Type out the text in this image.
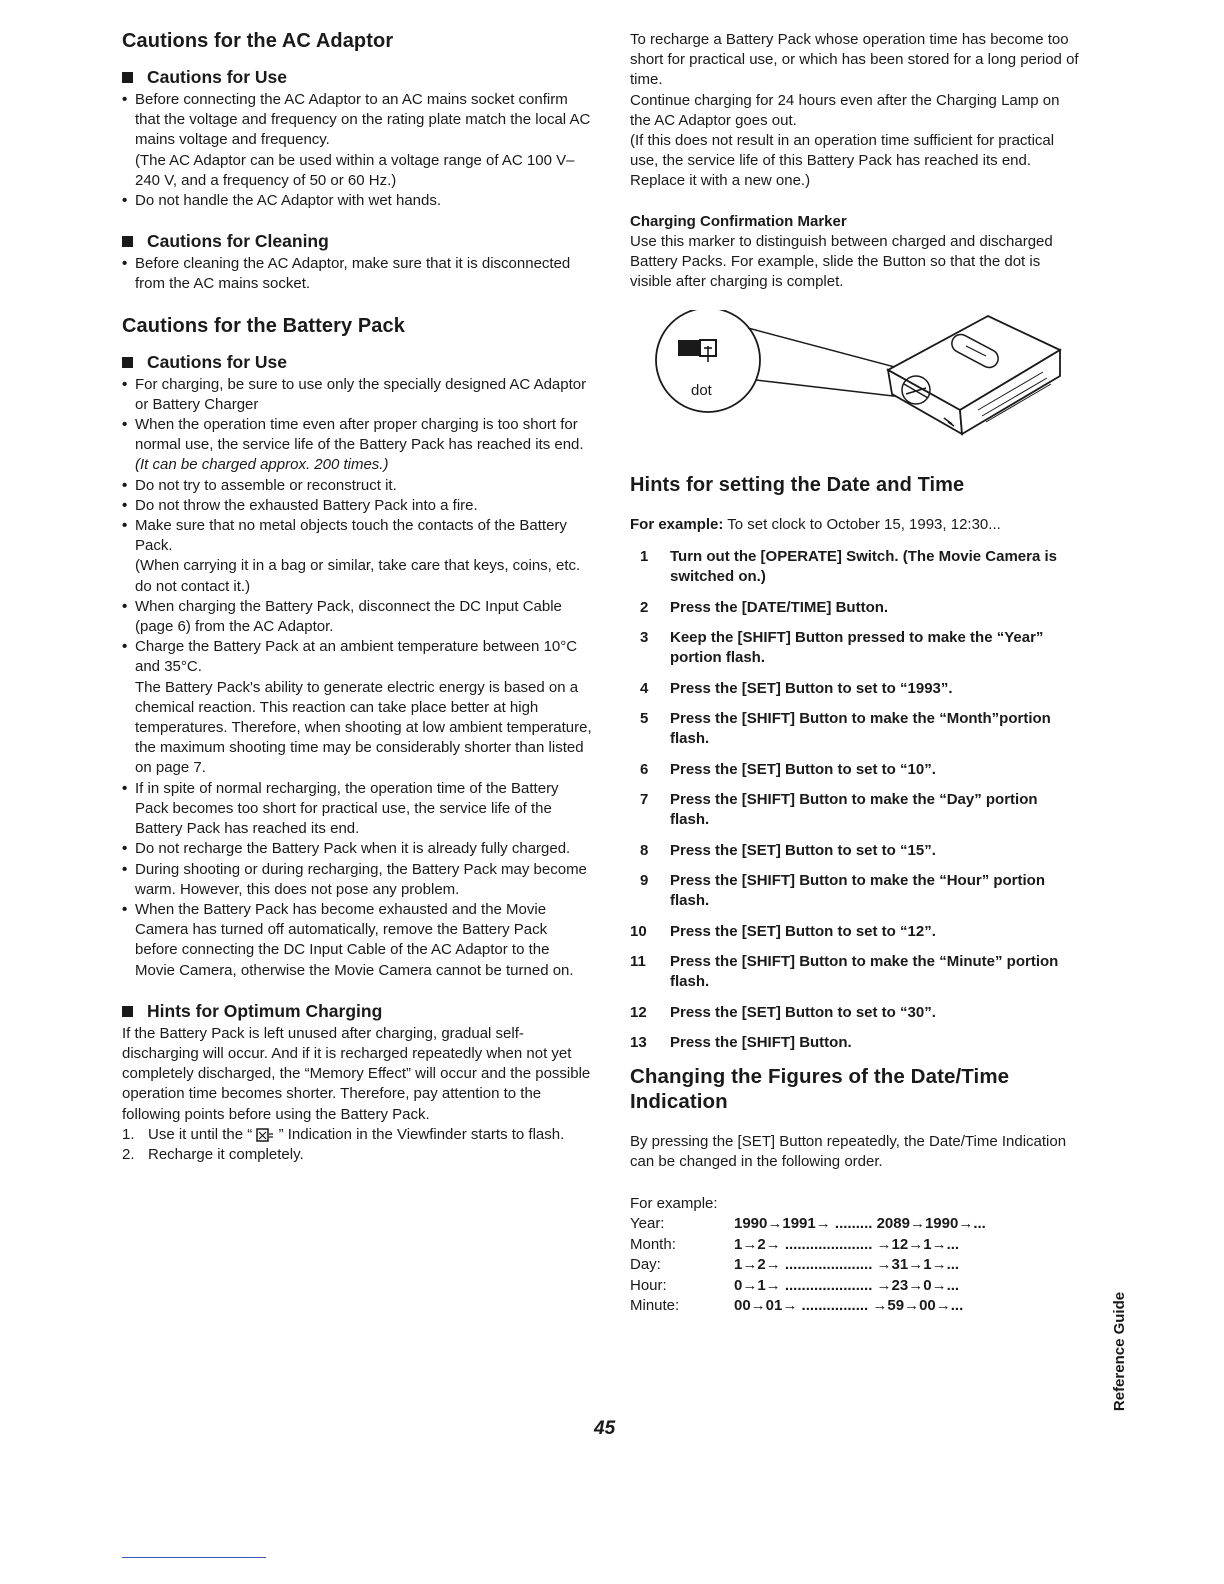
Cautions for the AC Adaptor
Cautions for Use
• Before connecting the AC Adaptor to an AC mains socket confirm that the voltage and frequency on the rating plate match the local AC mains voltage and frequency.

(The AC Adaptor can be used within a voltage range of AC 100 V–240 V, and a frequency of 50 or 60 Hz.)

• Do not handle the AC Adaptor with wet hands.
Cautions for Cleaning
• Before cleaning the AC Adaptor, make sure that it is disconnected from the AC mains socket.
Cautions for the Battery Pack
Cautions for Use
• For charging, be sure to use only the specially designed AC Adaptor or Battery Charger
• When the operation time even after proper charging is too short for normal use, the service life of the Battery Pack has reached its end.
(It can be charged approx. 200 times.)
• Do not try to assemble or reconstruct it.
• Do not throw the exhausted Battery Pack into a fire.
• Make sure that no metal objects touch the contacts of the Battery Pack.
(When carrying it in a bag or similar, take care that keys, coins, etc. do not contact it.)
• When charging the Battery Pack, disconnect the DC Input Cable (page 6) from the AC Adaptor.
• Charge the Battery Pack at an ambient temperature between 10°C and 35°C.
The Battery Pack's ability to generate electric energy is based on a chemical reaction. This reaction can take place better at high temperatures. Therefore, when shooting at low ambient temperature, the maximum shooting time may be considerably shorter than listed on page 7.
• If in spite of normal recharging, the operation time of the Battery Pack becomes too short for practical use, the service life of the Battery Pack has reached its end.
• Do not recharge the Battery Pack when it is already fully charged.
• During shooting or during recharging, the Battery Pack may become warm. However, this does not pose any problem.
• When the Battery Pack has become exhausted and the Movie Camera has turned off automatically, remove the Battery Pack before connecting the DC Input Cable of the AC Adaptor to the Movie Camera, otherwise the Movie Camera cannot be turned on.
Hints for Optimum Charging

If the Battery Pack is left unused after charging, gradual self-discharging will occur. And if it is recharged repeatedly when not yet completely discharged, the “Memory Effect” will occur and the possible operation time becomes shorter. Therefore, pay attention to the following points before using the Battery Pack.

1. Use it until the “ ” Indication in the Viewfinder starts to flash.
2. Recharge it completely.

To recharge a Battery Pack whose operation time has become too short for practical use, or which has been stored for a long period of time.

Continue charging for 24 hours even after the Charging Lamp on the AC Adaptor goes out.

(If this does not result in an operation time sufficient for practical use, the service life of this Battery Pack has reached its end. Replace it with a new one.)

Charging Confirmation Marker

Use this marker to distinguish between charged and discharged Battery Packs. For example, slide the Button so that the dot is visible after charging is complet.

Hints for setting the Date and Time
For example: To set clock to October 15, 1993, 12:30...
1	Turn out the [OPERATE] Switch. (The Movie Camera is switched on.)
2	Press the [DATE/TIME] Button.
3	Keep the [SHIFT] Button pressed to make the “Year” portion flash.
4	Press the [SET] Button to set to “1993”.
5	Press the [SHIFT] Button to make the “Month”portion flash.
6	Press the [SET] Button to set to “10”.
7	Press the [SHIFT] Button to make the “Day” portion flash.
8	Press the [SET] Button to set to “15”.
9	Press the [SHIFT] Button to make the “Hour” portion flash.
10	Press the [SET] Button to set to “12”.
11	Press the [SHIFT] Button to make the “Minute” portion flash.
12	Press the [SET] Button to set to “30”.
13	Press the [SHIFT] Button.
Changing the Figures of the Date/Time Indication

By pressing the [SET] Button repeatedly, the Date/Time Indication can be changed in the following order.

For example:

Year:	1990→1991→ ......... 2089→1990→...
Month:	1→2→ ..................... →12→1→...
Day:	1→2→ ..................... →31→1→...
Hour:	0→1→ ..................... →23→0→...
Minute:	00→01→ ................ →59→00→...
dot
45
Reference Guide
